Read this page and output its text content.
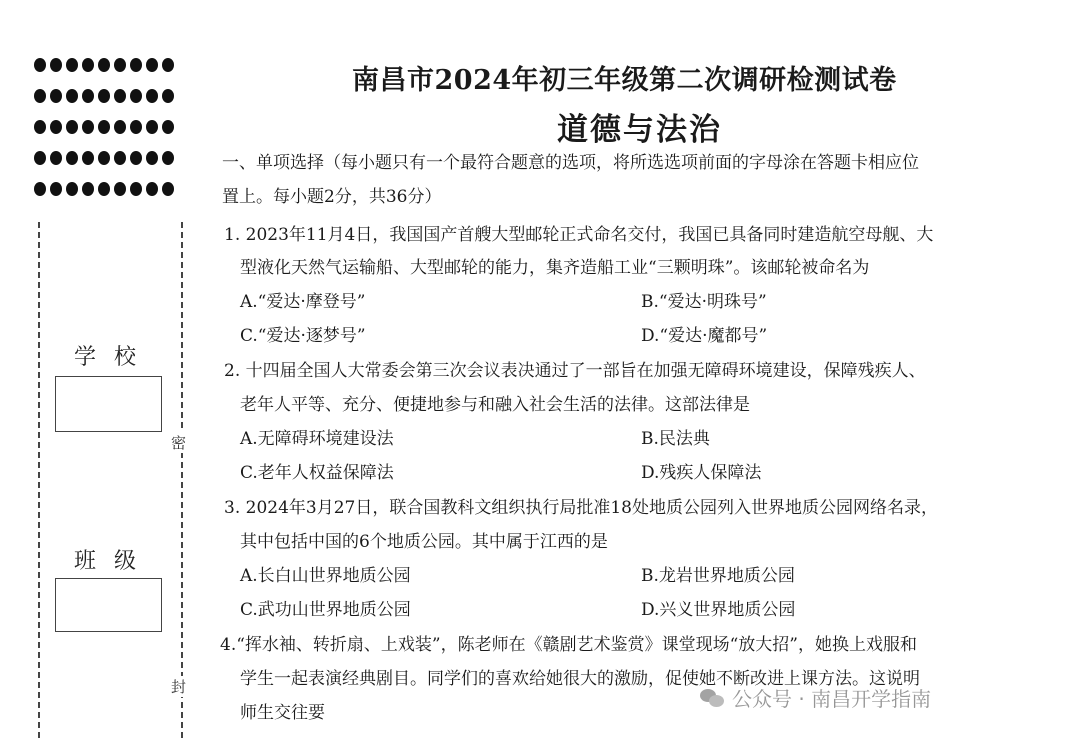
密
封
学校
班级
南昌市2024年初三年级第二次调研检测试卷
道德与法治
一、单项选择（每小题只有一个最符合题意的选项，将所选选项前面的字母涂在答题卡相应位
置上。每小题2分，共36分）
1. 2023年11月4日，我国国产首艘大型邮轮正式命名交付，我国已具备同时建造航空母舰、大
型液化天然气运输船、大型邮轮的能力，集齐造船工业“三颗明珠”。该邮轮被命名为
A.“爱达·摩登号”	B.“爱达·明珠号”
C.“爱达·逐梦号”	D.“爱达·魔都号”
2. 十四届全国人大常委会第三次会议表决通过了一部旨在加强无障碍环境建设，保障残疾人、
老年人平等、充分、便捷地参与和融入社会生活的法律。这部法律是
A.无障碍环境建设法	B.民法典
C.老年人权益保障法	D.残疾人保障法
3. 2024年3月27日，联合国教科文组织执行局批准18处地质公园列入世界地质公园网络名录，
其中包括中国的6个地质公园。其中属于江西的是
A.长白山世界地质公园	B.龙岩世界地质公园
C.武功山世界地质公园	D.兴义世界地质公园
4.“挥水袖、转折扇、上戏装”，陈老师在《赣剧艺术鉴赏》课堂现场“放大招”，她换上戏服和
学生一起表演经典剧目。同学们的喜欢给她很大的激励，促使她不断改进上课方法。这说明
师生交往要
公众号 · 南昌开学指南
